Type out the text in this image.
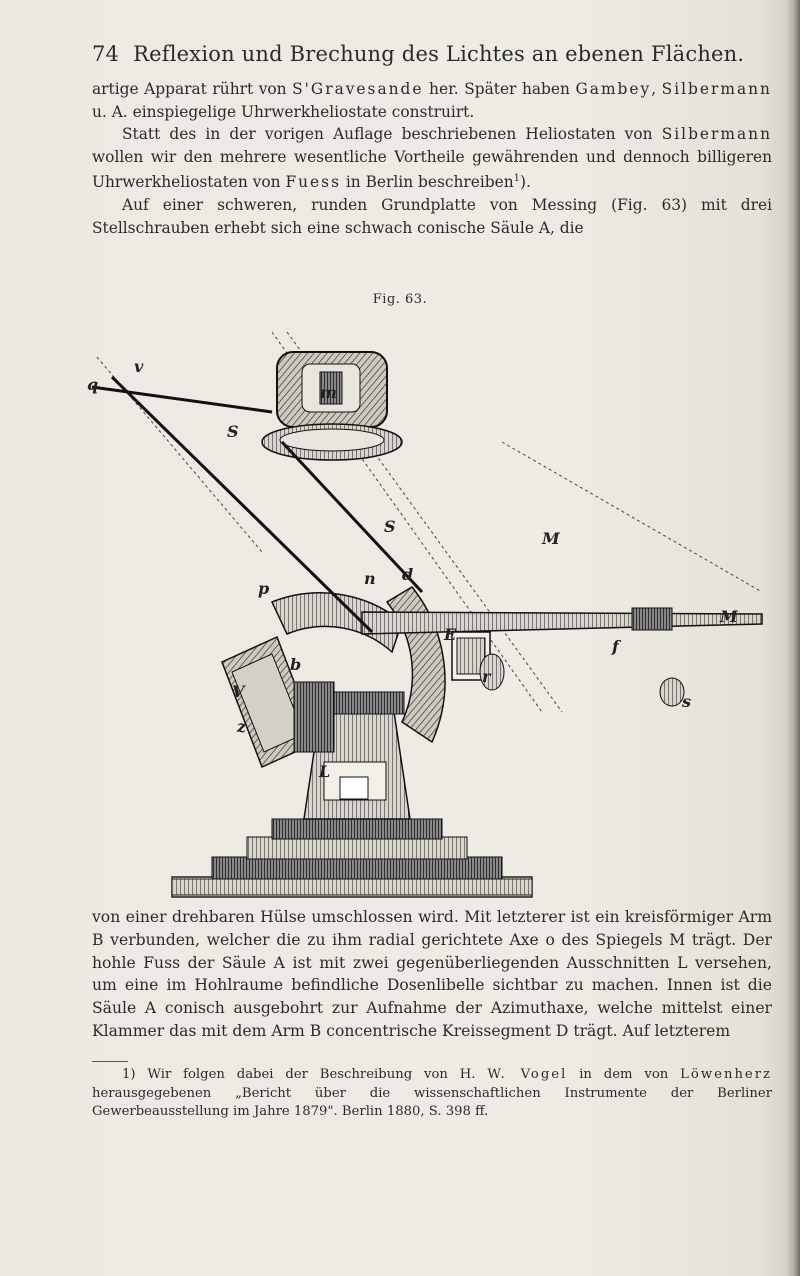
74 Reflexion und Brechung des Lichtes an ebenen Flächen.

artige Apparat rührt von S'Gravesande her. Später haben Gambey, Silbermann u. A. einspiegelige Uhrwerkheliostate construirt.

Statt des in der vorigen Auflage beschriebenen Heliostaten von Silbermann wollen wir den mehrere wesentliche Vortheile gewährenden und dennoch billigeren Uhrwerkheliostaten von Fuess in Berlin beschreiben$^1$).

Auf einer schweren, runden Grundplatte von Messing (Fig. 63) mit drei Stellschrauben erhebt sich eine schwach conische Säule A, die

Fig. 63.
v
q
S
m
S
M
n d
p
b
f
E
M
r
s
V
z
L

von einer drehbaren Hülse umschlossen wird. Mit letzterer ist ein kreisförmiger Arm B verbunden, welcher die zu ihm radial gerichtete Axe o des Spiegels M trägt. Der hohle Fuss der Säule A ist mit zwei gegenüberliegenden Ausschnitten L versehen, um eine im Hohlraume befindliche Dosenlibelle sichtbar zu machen. Innen ist die Säule A conisch ausgebohrt zur Aufnahme der Azimuthaxe, welche mittelst einer Klammer das mit dem Arm B concentrische Kreissegment D trägt. Auf letzterem

1) Wir folgen dabei der Beschreibung von H. W. Vogel in dem von Löwenherz herausgegebenen „Bericht über die wissenschaftlichen Instrumente der Berliner Gewerbeausstellung im Jahre 1879". Berlin 1880, S. 398 ff.
